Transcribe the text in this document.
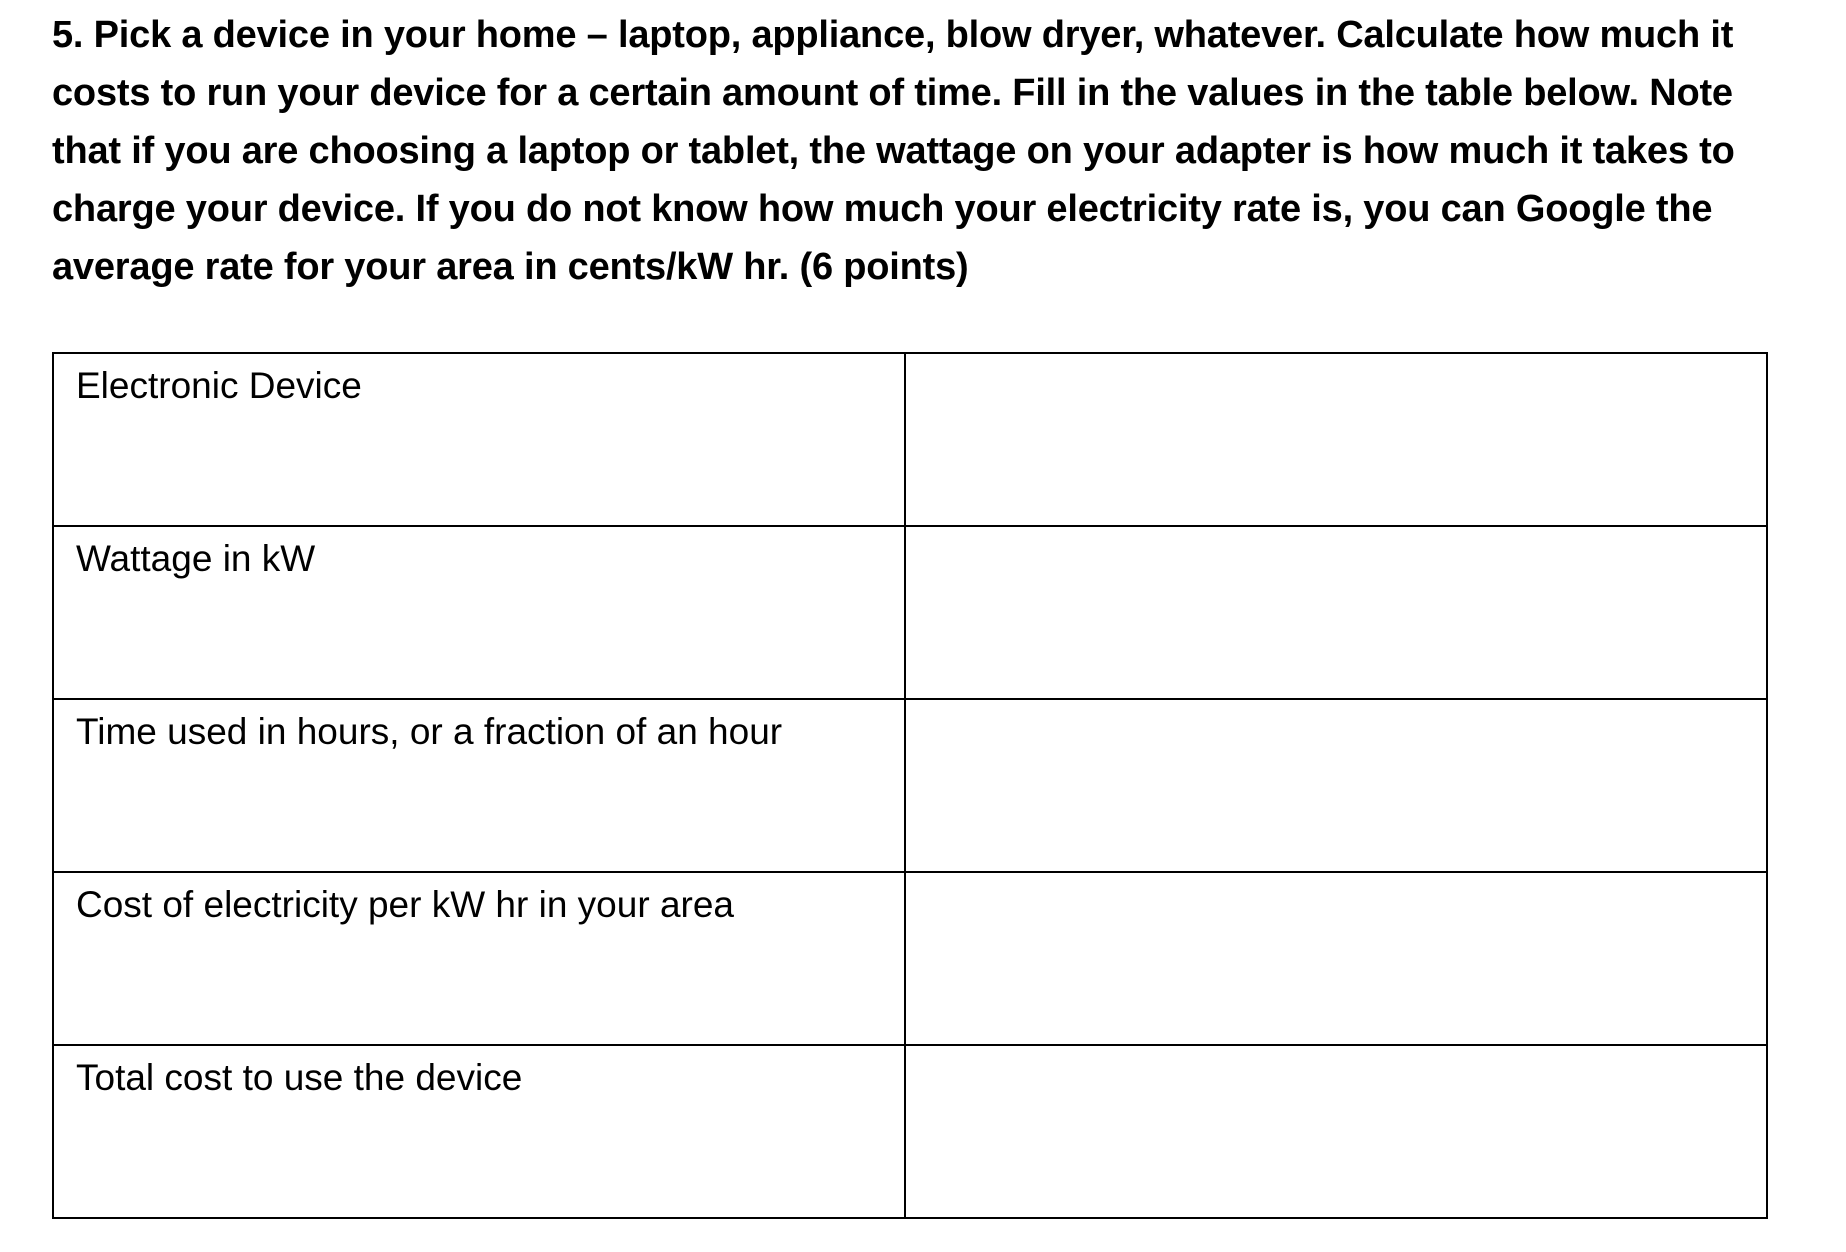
5. Pick a device in your home – laptop, appliance, blow dryer, whatever. Calculate how much it costs to run your device for a certain amount of time. Fill in the values in the table below. Note that if you are choosing a laptop or tablet, the wattage on your adapter is how much it takes to charge your device. If you do not know how much your electricity rate is, you can Google the average rate for your area in cents/kW hr. (6 points)

Electronic Device	
Wattage in kW	
Time used in hours, or a fraction of an hour	
Cost of electricity per kW hr in your area	
Total cost to use the device	
